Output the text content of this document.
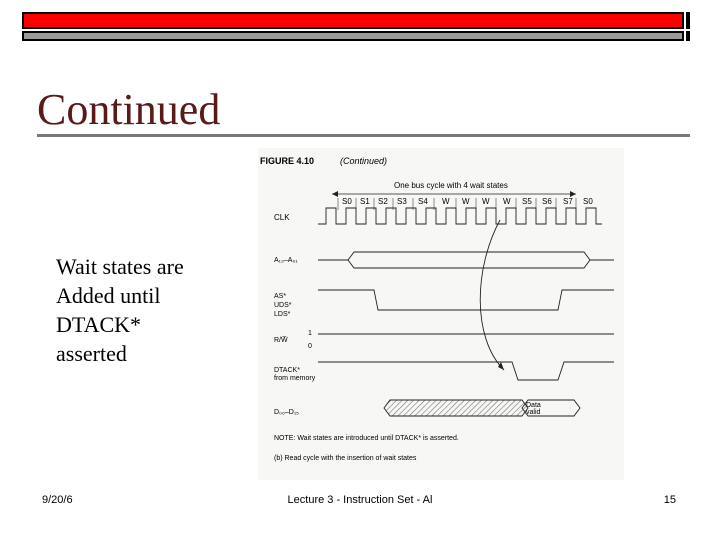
Continued
Wait states are
Added until
DTACK*
asserted
FIGURE 4.10	(Continued)
One bus cycle with 4 wait states
S0 S1 S2 S3 S4 W W W W S5 S6 S7 S0
CLK
A₁₃–A₀₁
AS*
UDS*
LDS*
R/W̅
1
0
DTACK*
from memory
D₀₀–D₁₅
Data
valid
NOTE: Wait states are introduced until DTACK* is asserted.
(b) Read cycle with the insertion of wait states
9/20/6	Lecture 3 - Instruction Set - Al	15
